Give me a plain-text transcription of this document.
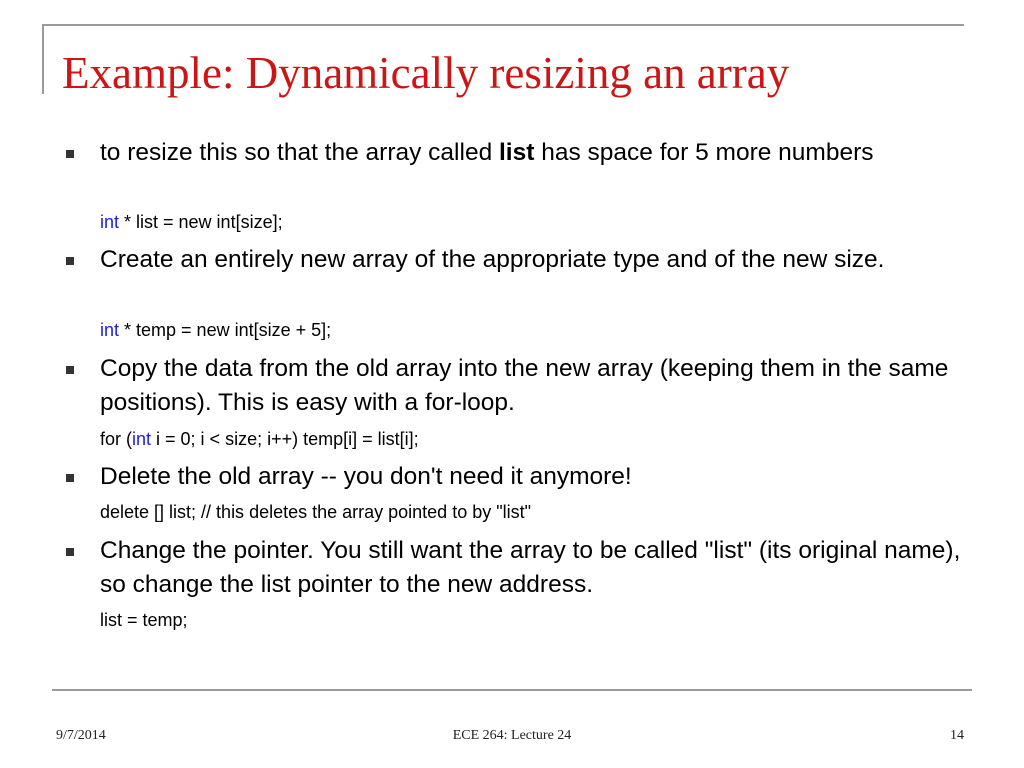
Example: Dynamically resizing an array
to resize this so that the array called list has space for 5 more numbers
int * list = new int[size];
Create an entirely new array of the appropriate type and of the new size.
int * temp = new int[size + 5];
Copy the data from the old array into the new array (keeping them in the same positions). This is easy with a for-loop.
for (int i = 0; i < size; i++) temp[i] = list[i];
Delete the old array -- you don't need it anymore!
delete [] list; // this deletes the array pointed to by "list"
Change the pointer. You still want the array to be called "list" (its original name), so change the list pointer to the new address.
list = temp;
9/7/2014	ECE 264: Lecture 24	14
